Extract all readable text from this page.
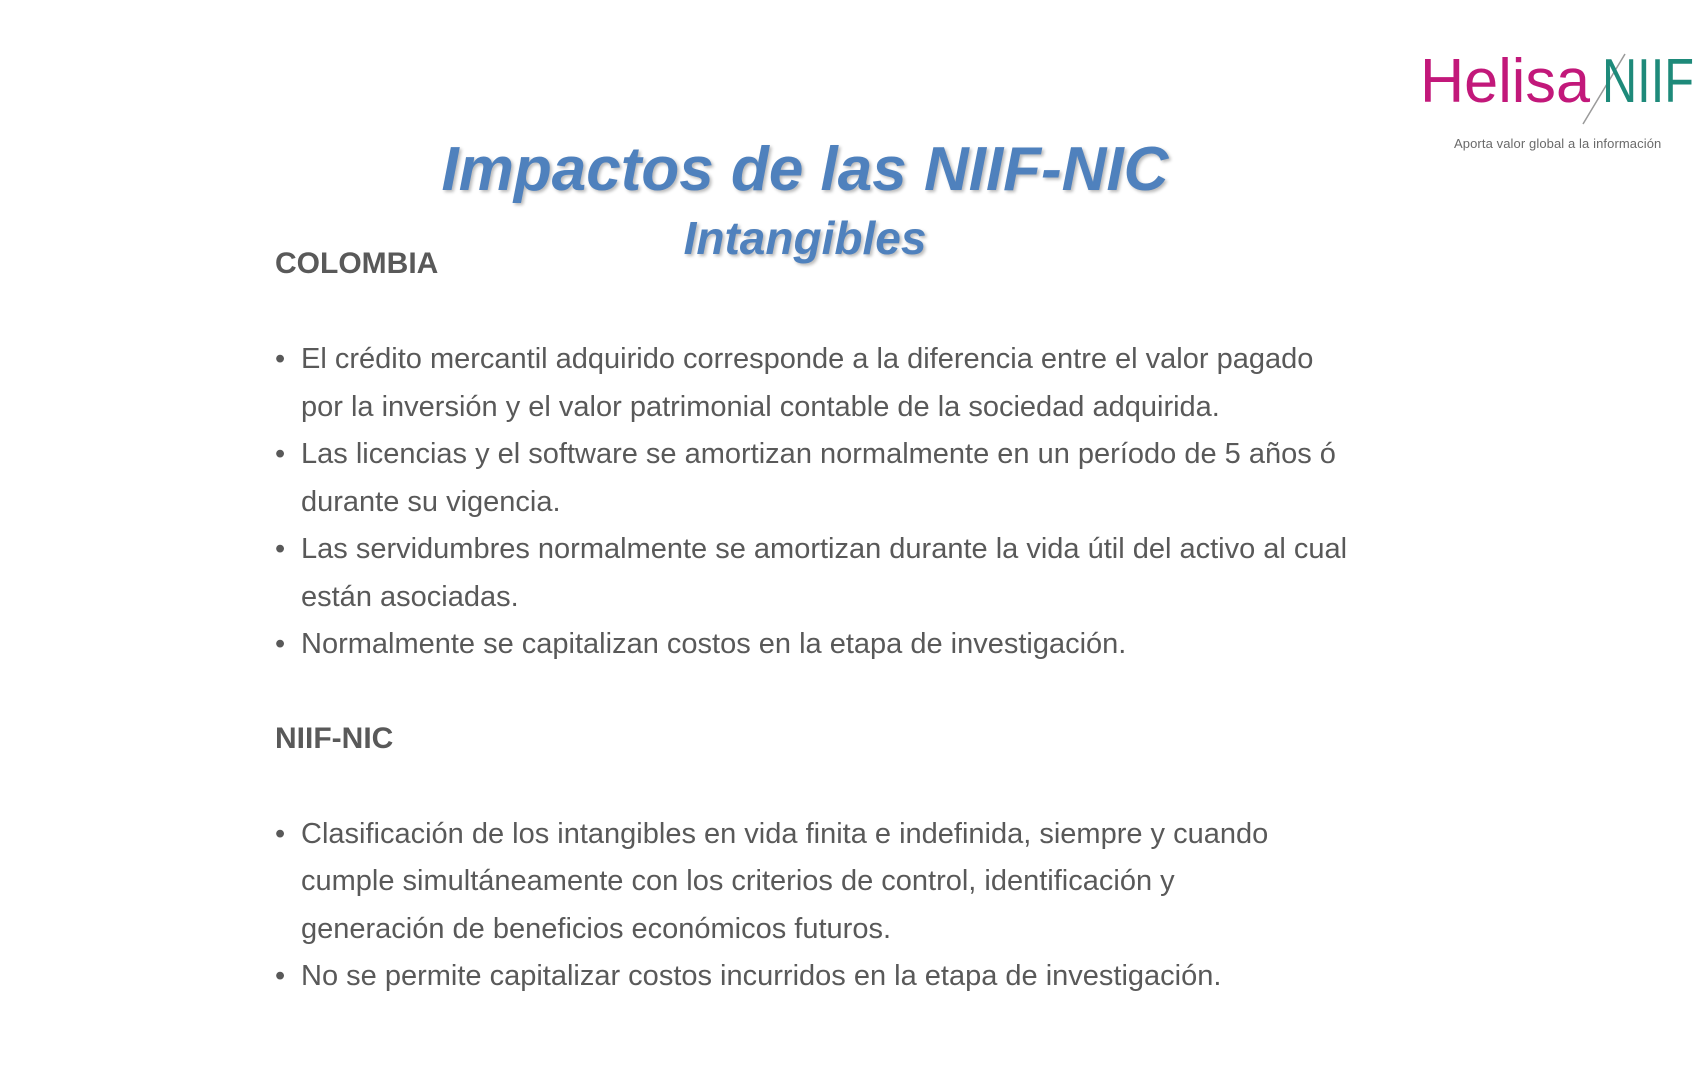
Helisa NIIF
Aporta valor global a la información
Impactos de las NIIF-NIC
Intangibles
COLOMBIA
• El crédito mercantil adquirido corresponde a la diferencia entre el valor pagado
por la inversión y el valor patrimonial contable de la sociedad adquirida.
• Las licencias y el software se amortizan normalmente en un período de 5 años ó
durante su vigencia.
• Las servidumbres normalmente se amortizan durante la vida útil del activo al cual
están asociadas.
• Normalmente se capitalizan costos en la etapa de investigación.
NIIF-NIC
• Clasificación de los intangibles en vida finita e indefinida, siempre y cuando
cumple simultáneamente con los criterios de control, identificación y
generación de beneficios económicos futuros.
• No se permite capitalizar costos incurridos en la etapa de investigación.
